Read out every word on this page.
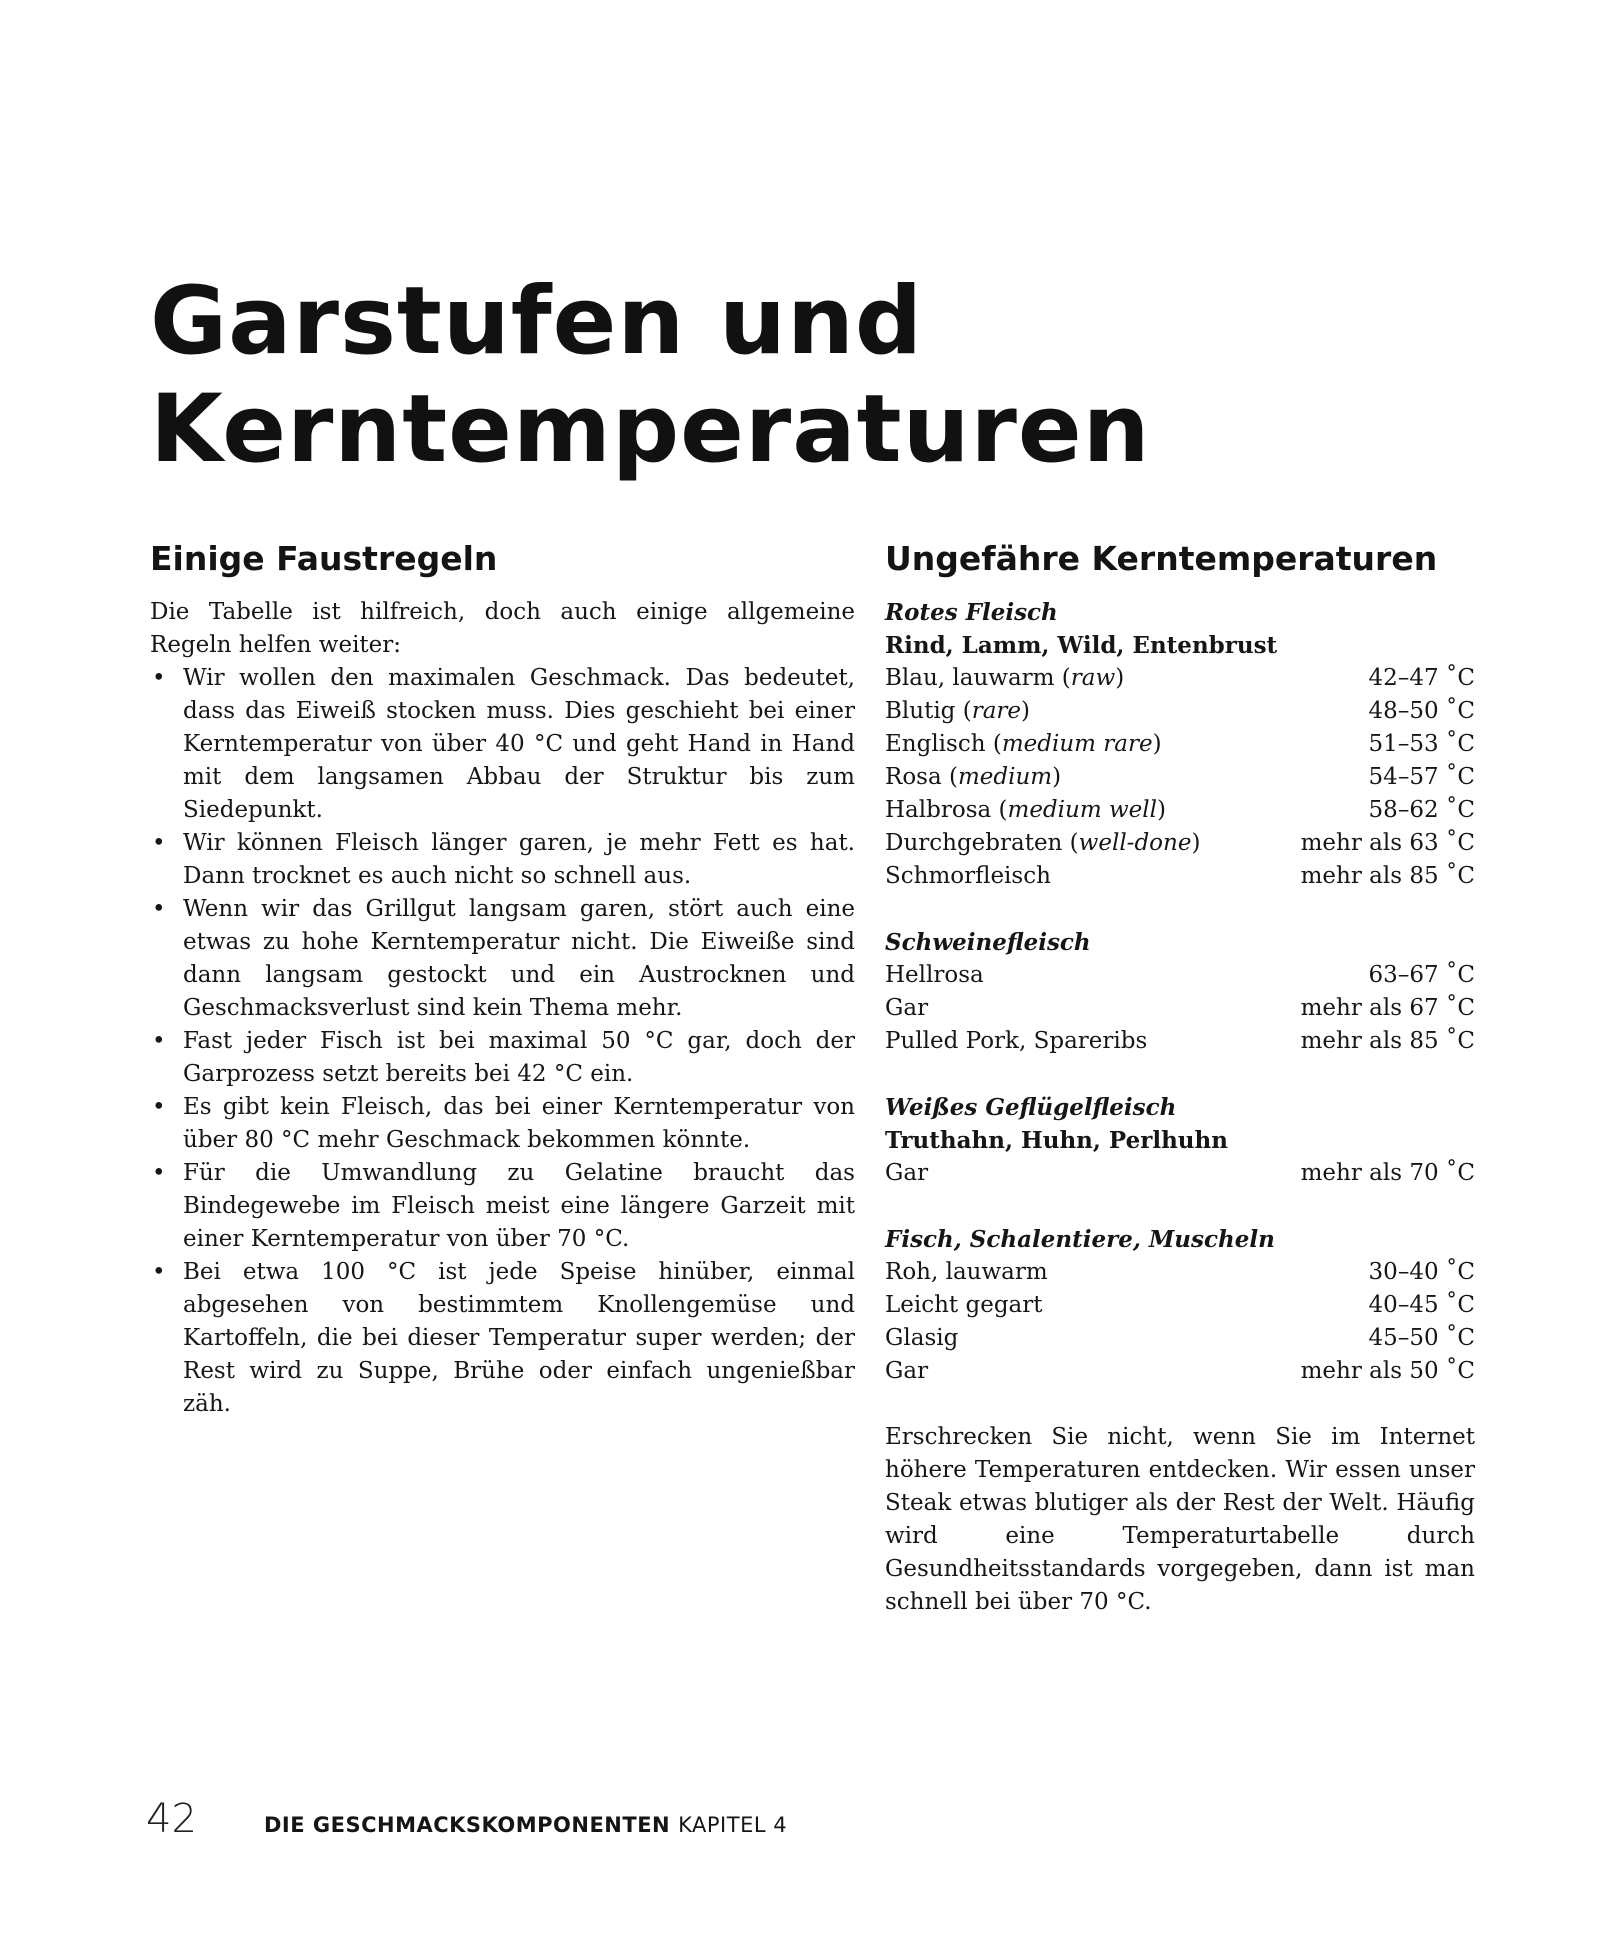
Garstufen und
Kerntemperaturen
Einige Faustregeln

Die Tabelle ist hilfreich, doch auch einige allgemeine Regeln helfen weiter:

• Wir wollen den maximalen Geschmack. Das bedeutet, dass das Eiweiß stocken muss. Dies geschieht bei einer Kerntemperatur von über 40 °C und geht Hand in Hand mit dem langsamen Abbau der Struktur bis zum Siedepunkt.
• Wir können Fleisch länger garen, je mehr Fett es hat. Dann trocknet es auch nicht so schnell aus.
• Wenn wir das Grillgut langsam garen, stört auch eine etwas zu hohe Kerntemperatur nicht. Die Eiweiße sind dann langsam gestockt und ein Austrocknen und Geschmacksverlust sind kein Thema mehr.
• Fast jeder Fisch ist bei maximal 50 °C gar, doch der Garprozess setzt bereits bei 42 °C ein.
• Es gibt kein Fleisch, das bei einer Kerntemperatur von über 80 °C mehr Geschmack bekommen könnte.
• Für die Umwandlung zu Gelatine braucht das Bindegewebe im Fleisch meist eine längere Garzeit mit einer Kerntemperatur von über 70 °C.
• Bei etwa 100 °C ist jede Speise hinüber, einmal abgesehen von bestimmtem Knollengemüse und Kartoffeln, die bei dieser Temperatur super werden; der Rest wird zu Suppe, Brühe oder einfach ungenießbar zäh.
Ungefähre Kerntemperaturen
Rotes Fleisch
Rind, Lamm, Wild, Entenbrust
Blau, lauwarm (raw)	42–47 ˚C
Blutig (rare)	48–50 ˚C
Englisch (medium rare)	51–53 ˚C
Rosa (medium)	54–57 ˚C
Halbrosa (medium well)	58–62 ˚C
Durchgebraten (well-done)	mehr als 63 ˚C
Schmorfleisch	mehr als 85 ˚C
Schweinefleisch
Hellrosa	63–67 ˚C
Gar	mehr als 67 ˚C
Pulled Pork, Spareribs	mehr als 85 ˚C
Weißes Geflügelfleisch
Truthahn, Huhn, Perlhuhn
Gar	mehr als 70 ˚C
Fisch, Schalentiere, Muscheln
Roh, lauwarm	30–40 ˚C
Leicht gegart	40–45 ˚C
Glasig	45–50 ˚C
Gar	mehr als 50 ˚C

Erschrecken Sie nicht, wenn Sie im Internet höhere Temperaturen entdecken. Wir essen unser Steak etwas blutiger als der Rest der Welt. Häufig wird eine Temperaturtabelle durch Gesundheitsstandards vorgegeben, dann ist man schnell bei über 70 °C.

42	DIE GESCHMACKSKOMPONENTEN KAPITEL 4
